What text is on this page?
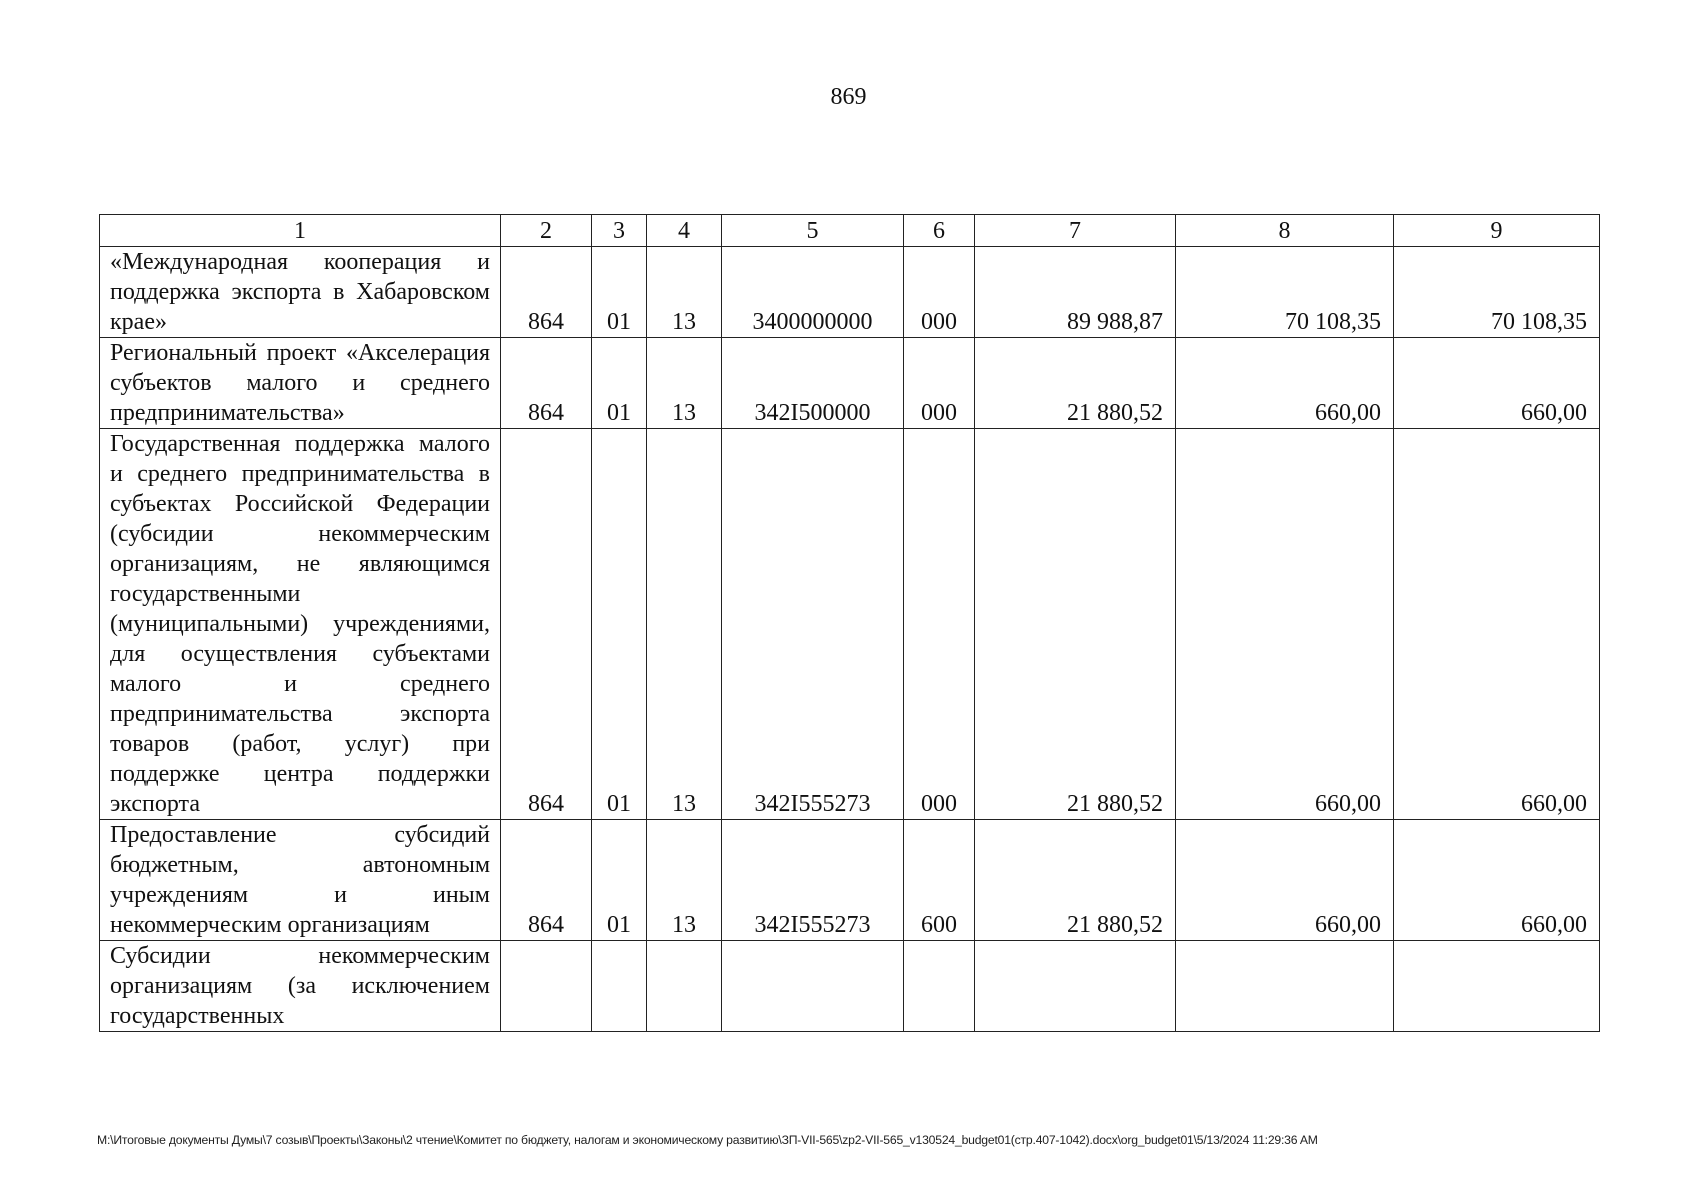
869
1	2	3	4	5	6	7	8	9
«Международная кооперация и поддержка экспорта в Хабаровском крае»	864	01	13	3400000000	000	89 988,87	70 108,35	70 108,35
Региональный проект «Акселерация субъектов малого и среднего предпринимательства»	864	01	13	342I500000	000	21 880,52	660,00	660,00
Государственная поддержка малого и среднего предпринимательства в субъектах Российской Федерации (субсидии некоммерческим организациям, не являющимся государственными (муниципальными) учреждениями, для осуществления субъектами малого и среднего предпринимательства экспорта товаров (работ, услуг) при поддержке центра поддержки экспорта	864	01	13	342I555273	000	21 880,52	660,00	660,00
Предоставление субсидий бюджетным, автономным учреждениям и иным некоммерческим организациям	864	01	13	342I555273	600	21 880,52	660,00	660,00
Субсидии некоммерческим организациям (за исключением государственных								
M:\Итоговые документы Думы\7 созыв\Проекты\Законы\2 чтение\Комитет по бюджету, налогам и экономическому развитию\ЗП-VII-565\zp2-VII-565_v130524_budget01(стр.407-1042).docx\org_budget01\5/13/2024 11:29:36 AM
